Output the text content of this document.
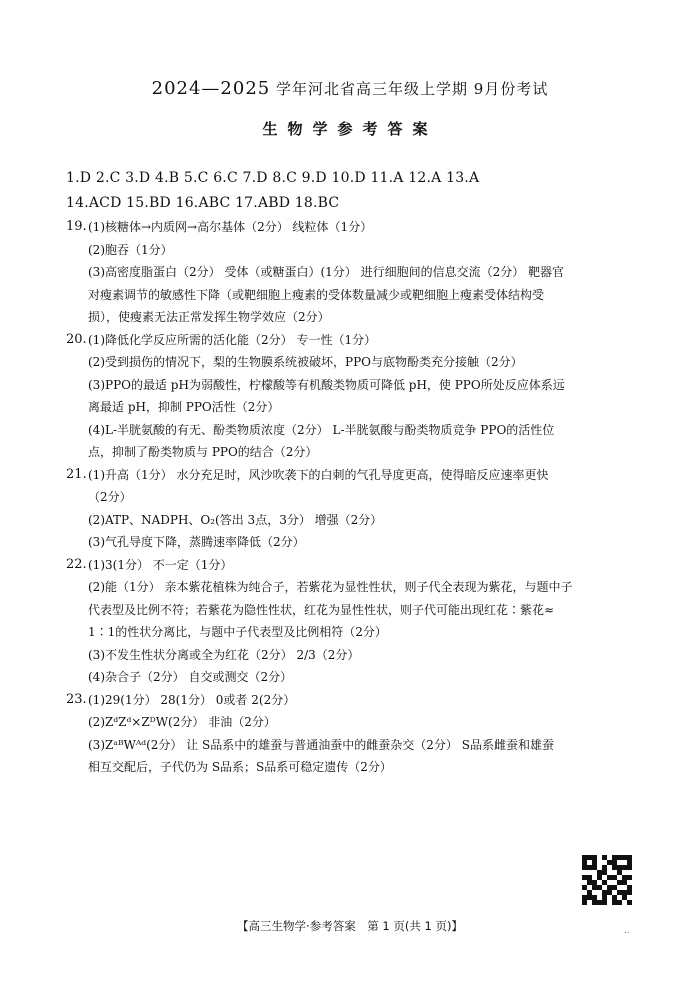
2024—2025 学年河北省高三年级上学期 9月份考试
生物学参考答案
1.D 2.C 3.D 4.B 5.C 6.C 7.D 8.C 9.D 10.D 11.A 12.A 13.A
14.ACD 15.BD 16.ABC 17.ABD 18.BC
19. (1)核糖体→内质网→高尔基体（2分） 线粒体（1分）
(2)胞吞（1分）
(3)高密度脂蛋白（2分） 受体（或糖蛋白）(1分） 进行细胞间的信息交流（2分） 靶器官
对瘦素调节的敏感性下降（或靶细胞上瘦素的受体数量减少或靶细胞上瘦素受体结构受
损），使瘦素无法正常发挥生物学效应（2分）
20. (1)降低化学反应所需的活化能（2分） 专一性（1分）
(2)受到损伤的情况下，梨的生物膜系统被破坏，PPO与底物酚类充分接触（2分）
(3)PPO的最适 pH为弱酸性，柠檬酸等有机酸类物质可降低 pH，使 PPO所处反应体系远
离最适 pH，抑制 PPO活性（2分）
(4)L-半胱氨酸的有无、酚类物质浓度（2分） L-半胱氨酸与酚类物质竞争 PPO的活性位
点，抑制了酚类物质与 PPO的结合（2分）
21. (1)升高（1分） 水分充足时，风沙吹袭下的白刺的气孔导度更高，使得暗反应速率更快
（2分）
(2)ATP、NADPH、O₂(答出 3点，3分） 增强（2分）
(3)气孔导度下降，蒸腾速率降低（2分）
22. (1)3(1分） 不一定（1分）
(2)能（1分） 亲本紫花植株为纯合子，若紫花为显性性状，则子代全表现为紫花，与题中子
代表型及比例不符；若紫花为隐性性状，红花为显性性状，则子代可能出现红花∶紫花≈
1∶1的性状分离比，与题中子代表型及比例相符（2分）
(3)不发生性状分离或全为红花（2分） 2/3（2分）
(4)杂合子（2分） 自交或测交（2分）
23. (1)29(1分） 28(1分） 0或者 2(2分）
(2)ZᵈZᵈ×ZᴰW(2分） 非油（2分）
(3)ZᵃᴮWᴬᵈ(2分） 让 S品系中的雄蚕与普通油蚕中的雌蚕杂交（2分） S品系雌蚕和雄蚕
相互交配后，子代仍为 S品系；S品系可稳定遗传（2分）
【高三生物学·参考答案　第 1 页(共 1 页)】	..
